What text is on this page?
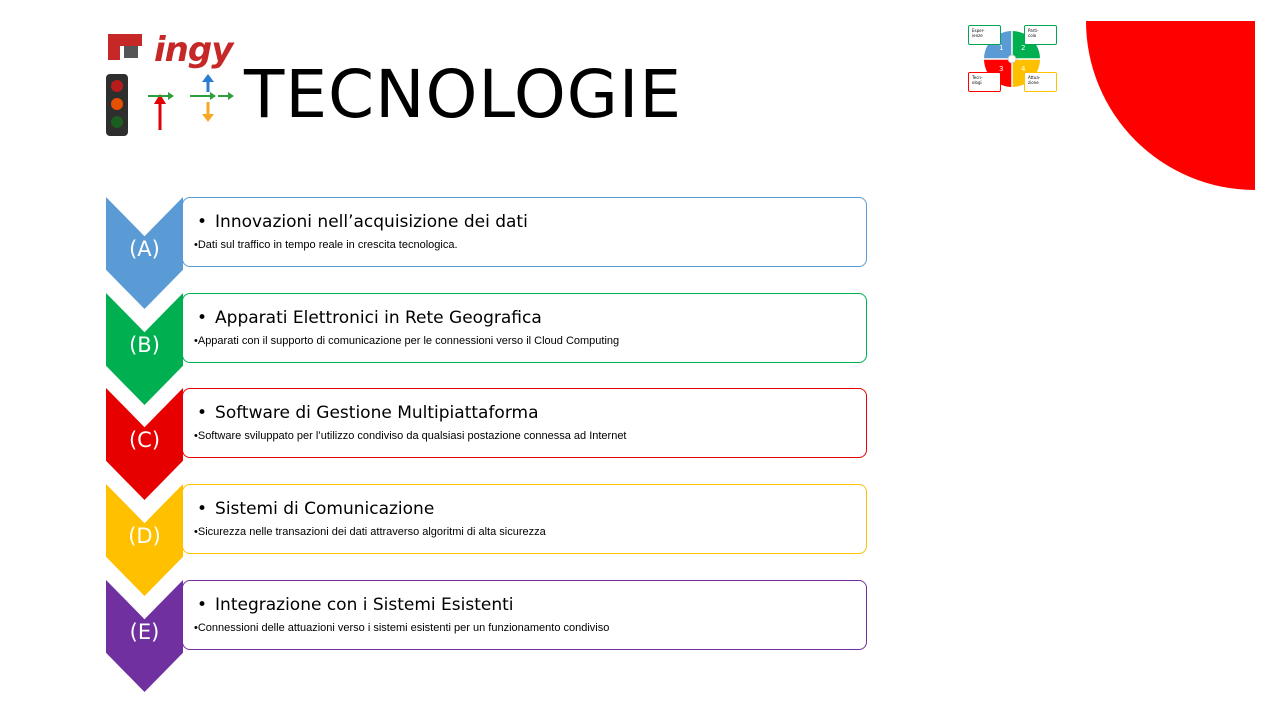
ingy
TECNOLOGIE
Esper-
ienze
Parti-
colo
Tecn-
ologi
Attua-
zione
1	2
3	4
(A)
• Innovazioni nell’acquisizione dei dati
•Dati sul traffico in tempo reale in crescita tecnologica.
(B)
• Apparati Elettronici in Rete Geografica
•Apparati con il supporto di comunicazione per le connessioni verso il Cloud Computing
(C)
• Software di Gestione Multipiattaforma
•Software sviluppato per l’utilizzo condiviso da qualsiasi postazione connessa ad Internet
(D)
• Sistemi di Comunicazione
•Sicurezza nelle transazioni dei dati attraverso algoritmi di alta sicurezza
(E)
• Integrazione con i Sistemi Esistenti
•Connessioni delle attuazioni verso i sistemi esistenti per un funzionamento condiviso
